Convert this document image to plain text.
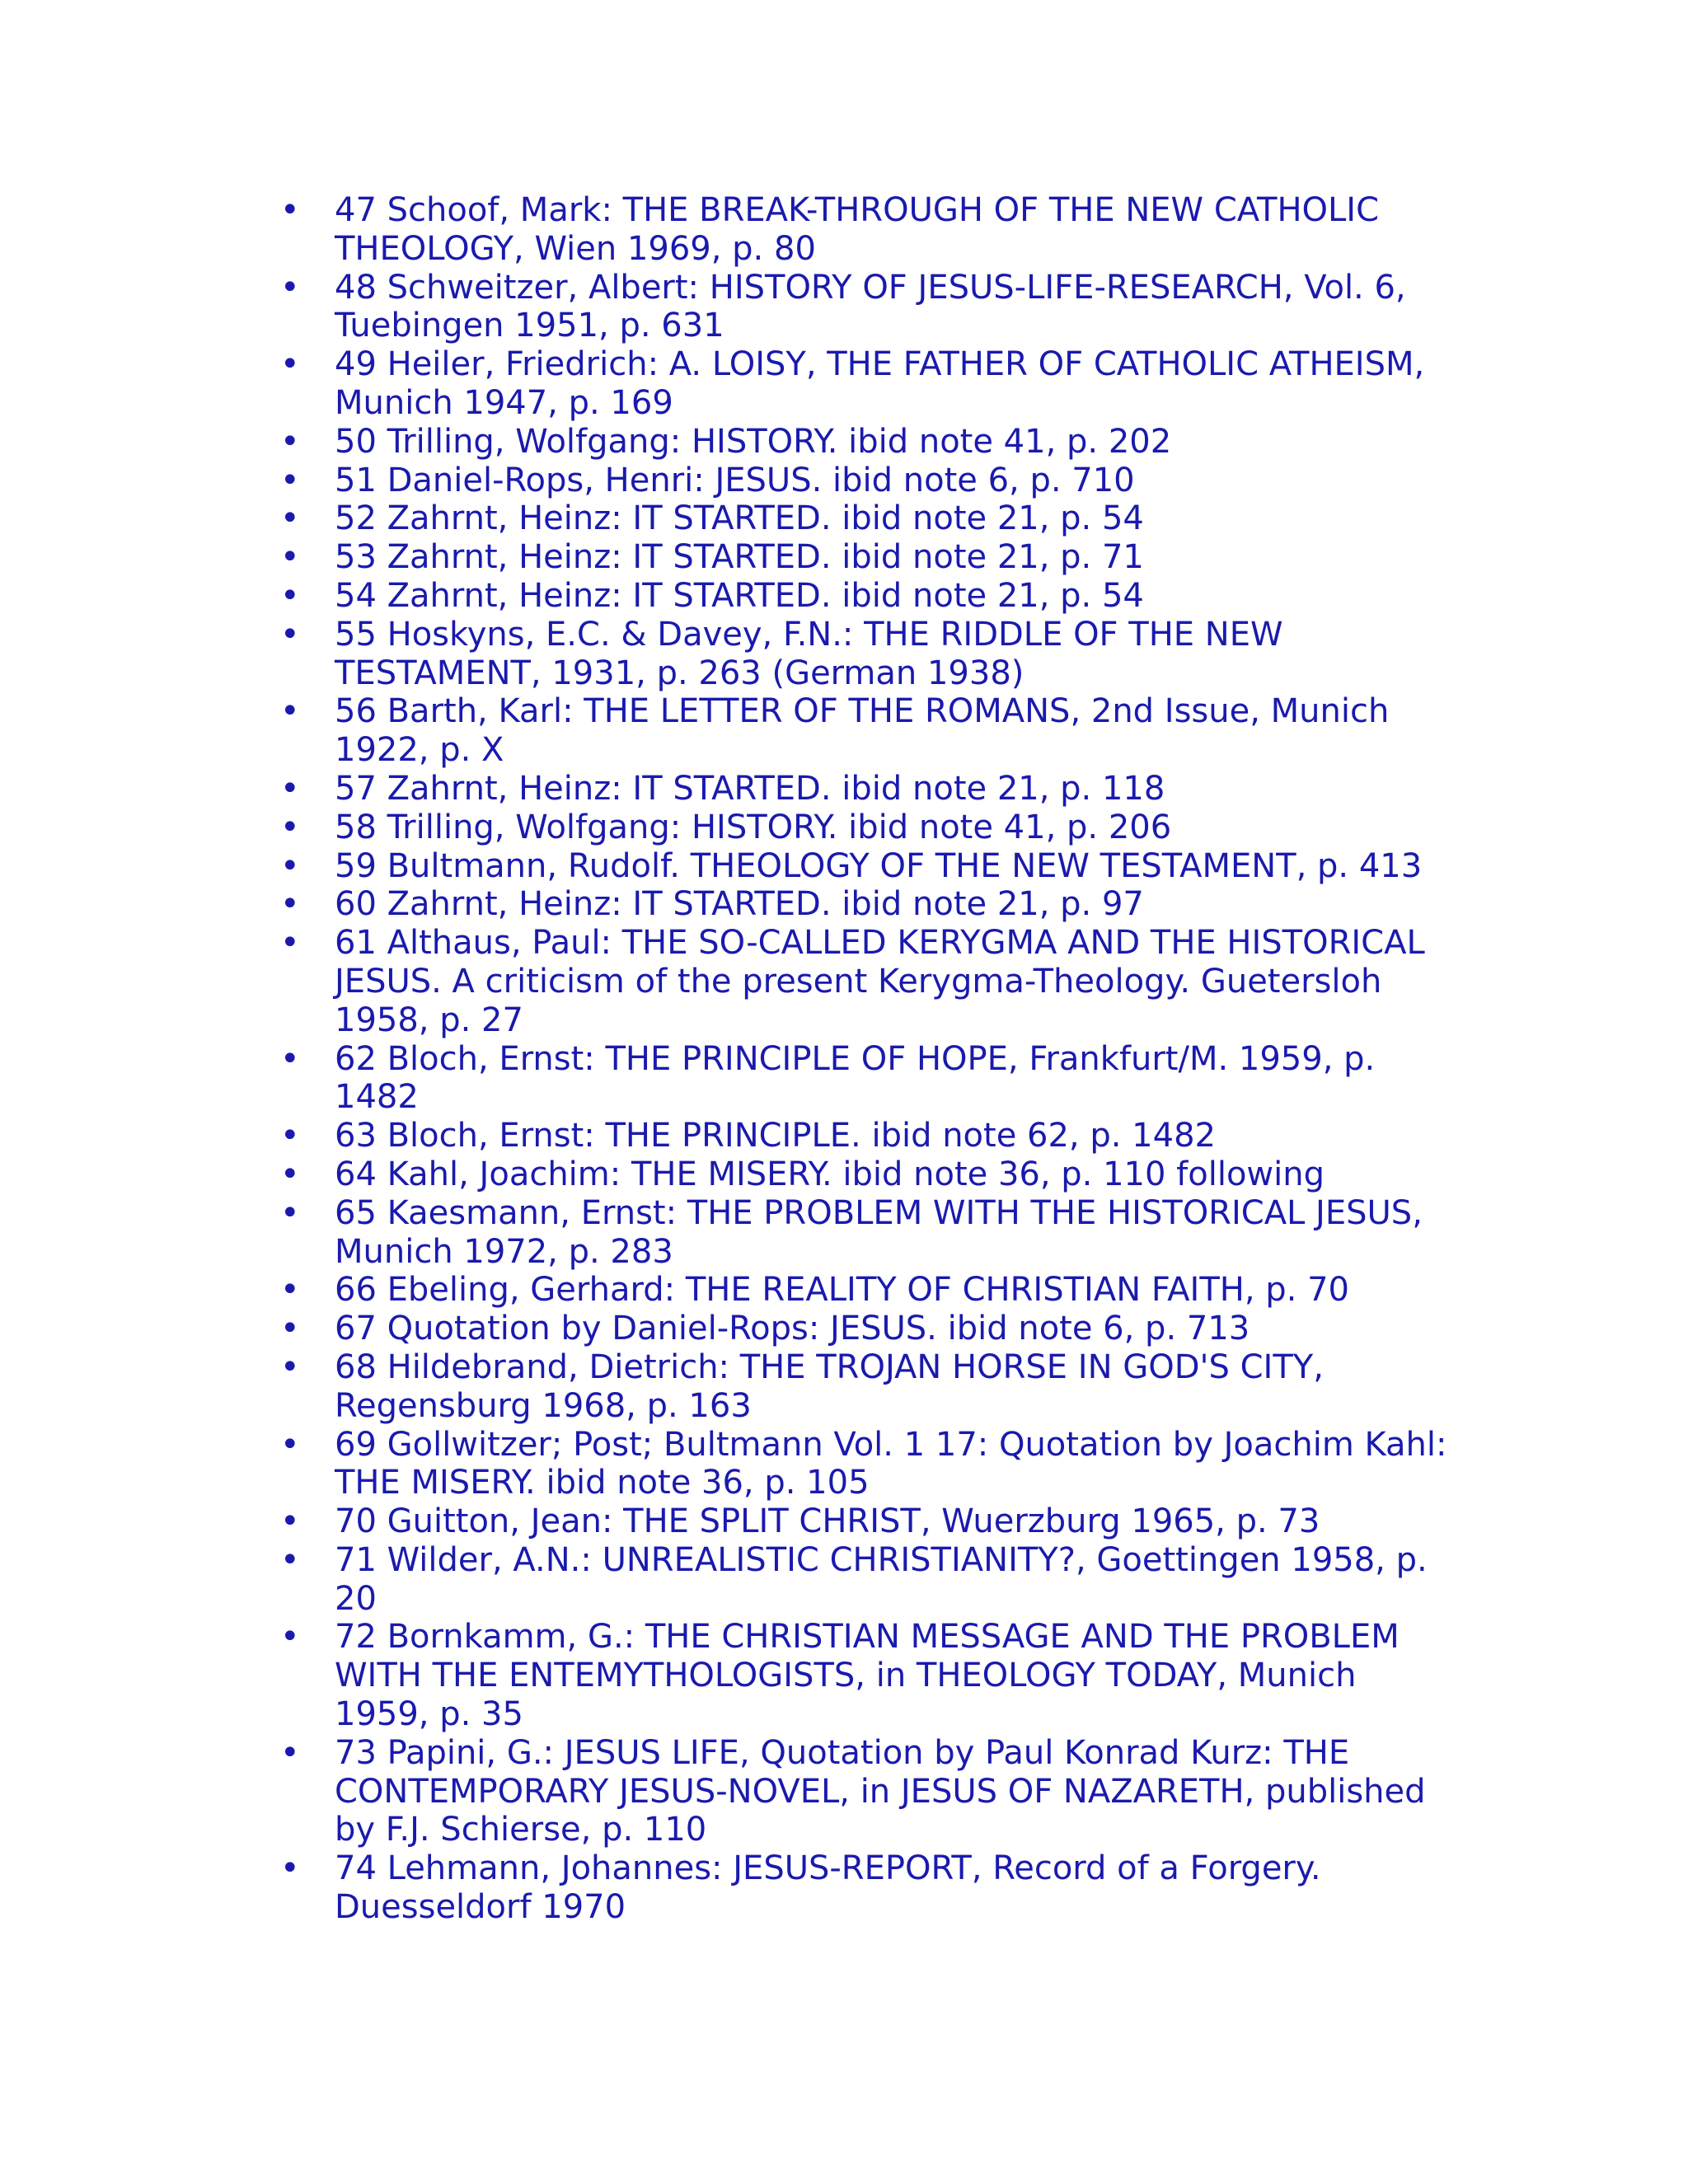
• 47 Schoof, Mark: THE BREAK-THROUGH OF THE NEW CATHOLIC THEOLOGY, Wien 1969, p. 80
• 48 Schweitzer, Albert: HISTORY OF JESUS-LIFE-RESEARCH, Vol. 6, Tuebingen 1951, p. 631
• 49 Heiler, Friedrich: A. LOISY, THE FATHER OF CATHOLIC ATHEISM, Munich 1947, p. 169
• 50 Trilling, Wolfgang: HISTORY. ibid note 41, p. 202
• 51 Daniel-Rops, Henri: JESUS. ibid note 6, p. 710
• 52 Zahrnt, Heinz: IT STARTED. ibid note 21, p. 54
• 53 Zahrnt, Heinz: IT STARTED. ibid note 21, p. 71
• 54 Zahrnt, Heinz: IT STARTED. ibid note 21, p. 54
• 55 Hoskyns, E.C. & Davey, F.N.: THE RIDDLE OF THE NEW TESTAMENT, 1931, p. 263 (German 1938)
• 56 Barth, Karl: THE LETTER OF THE ROMANS, 2nd Issue, Munich 1922, p. X
• 57 Zahrnt, Heinz: IT STARTED. ibid note 21, p. 118
• 58 Trilling, Wolfgang: HISTORY. ibid note 41, p. 206
• 59 Bultmann, Rudolf. THEOLOGY OF THE NEW TESTAMENT, p. 413
• 60 Zahrnt, Heinz: IT STARTED. ibid note 21, p. 97
• 61 Althaus, Paul: THE SO-CALLED KERYGMA AND THE HISTORICAL JESUS. A criticism of the present Kerygma-Theology. Guetersloh 1958, p. 27
• 62 Bloch, Ernst: THE PRINCIPLE OF HOPE, Frankfurt/M. 1959, p. 1482
• 63 Bloch, Ernst: THE PRINCIPLE. ibid note 62, p. 1482
• 64 Kahl, Joachim: THE MISERY. ibid note 36, p. 110 following
• 65 Kaesmann, Ernst: THE PROBLEM WITH THE HISTORICAL JESUS, Munich 1972, p. 283
• 66 Ebeling, Gerhard: THE REALITY OF CHRISTIAN FAITH, p. 70
• 67 Quotation by Daniel-Rops: JESUS. ibid note 6, p. 713
• 68 Hildebrand, Dietrich: THE TROJAN HORSE IN GOD'S CITY, Regensburg 1968, p. 163
• 69 Gollwitzer; Post; Bultmann Vol. 1 17: Quotation by Joachim Kahl: THE MISERY. ibid note 36, p. 105
• 70 Guitton, Jean: THE SPLIT CHRIST, Wuerzburg 1965, p. 73
• 71 Wilder, A.N.: UNREALISTIC CHRISTIANITY?, Goettingen 1958, p. 20
• 72 Bornkamm, G.: THE CHRISTIAN MESSAGE AND THE PROBLEM WITH THE ENTEMYTHOLOGISTS, in THEOLOGY TODAY, Munich 1959, p. 35
• 73 Papini, G.: JESUS LIFE, Quotation by Paul Konrad Kurz: THE CONTEMPORARY JESUS-NOVEL, in JESUS OF NAZARETH, published by F.J. Schierse, p. 110
• 74 Lehmann, Johannes: JESUS-REPORT, Record of a Forgery. Duesseldorf 1970
